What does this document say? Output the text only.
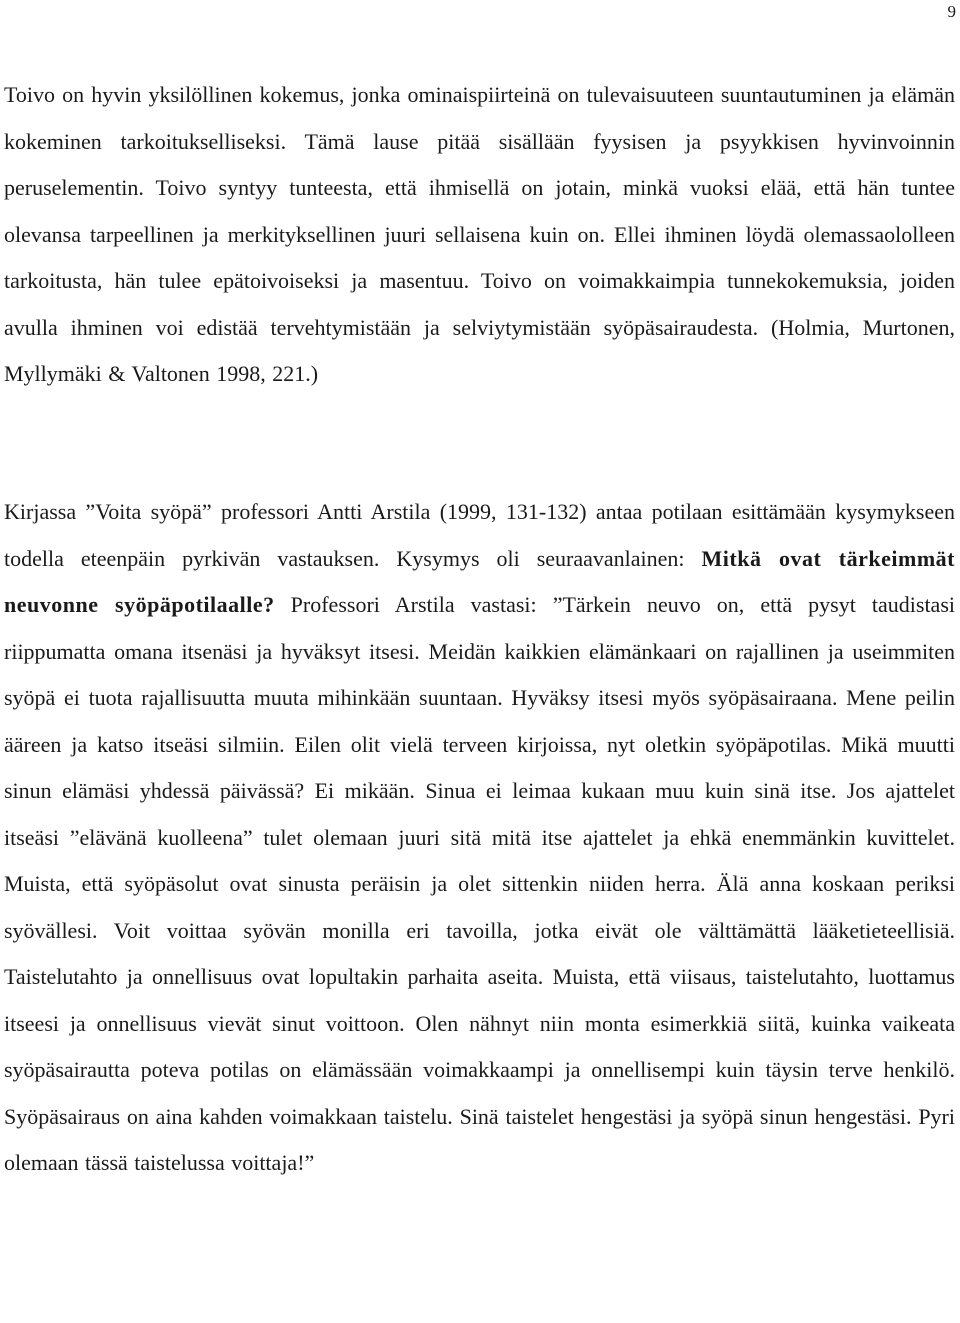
9

Toivo on hyvin yksilöllinen kokemus, jonka ominaispiirteinä on tulevaisuuteen suuntautuminen ja elämän kokeminen tarkoitukselliseksi. Tämä lause pitää sisällään fyysisen ja psyykkisen hyvinvoinnin peruselementin. Toivo syntyy tunteesta, että ihmisellä on jotain, minkä vuoksi elää, että hän tuntee olevansa tarpeellinen ja merkityksellinen juuri sellaisena kuin on. Ellei ihminen löydä olemassaololleen tarkoitusta, hän tulee epätoivoiseksi ja masentuu. Toivo on voimakkaimpia tunnekokemuksia, joiden avulla ihminen voi edistää tervehtymistään ja selviytymistään syöpäsairaudesta. (Holmia, Murtonen, Myllymäki & Valtonen 1998, 221.)

Kirjassa ”Voita syöpä” professori Antti Arstila (1999, 131-132) antaa potilaan esittämään kysymykseen todella eteenpäin pyrkivän vastauksen. Kysymys oli seuraavanlainen: Mitkä ovat tärkeimmät neuvonne syöpäpotilaalle? Professori Arstila vastasi: ”Tärkein neuvo on, että pysyt taudistasi riippumatta omana itsenäsi ja hyväksyt itsesi. Meidän kaikkien elämänkaari on rajallinen ja useimmiten syöpä ei tuota rajallisuutta muuta mihinkään suuntaan. Hyväksy itsesi myös syöpäsairaana. Mene peilin ääreen ja katso itseäsi silmiin. Eilen olit vielä terveen kirjoissa, nyt oletkin syöpäpotilas. Mikä muutti sinun elämäsi yhdessä päivässä? Ei mikään. Sinua ei leimaa kukaan muu kuin sinä itse. Jos ajattelet itseäsi ”elävänä kuolleena” tulet olemaan juuri sitä mitä itse ajattelet ja ehkä enemmänkin kuvittelet. Muista, että syöpäsolut ovat sinusta peräisin ja olet sittenkin niiden herra. Älä anna koskaan periksi syövällesi. Voit voittaa syövän monilla eri tavoilla, jotka eivät ole välttämättä lääketieteellisiä. Taistelutahto ja onnellisuus ovat lopultakin parhaita aseita. Muista, että viisaus, taistelutahto, luottamus itseesi ja onnellisuus vievät sinut voittoon. Olen nähnyt niin monta esimerkkiä siitä, kuinka vaikeata syöpäsairautta poteva potilas on elämässään voimakkaampi ja onnellisempi kuin täysin terve henkilö. Syöpäsairaus on aina kahden voimakkaan taistelu. Sinä taistelet hengestäsi ja syöpä sinun hengestäsi. Pyri olemaan tässä taistelussa voittaja!”
